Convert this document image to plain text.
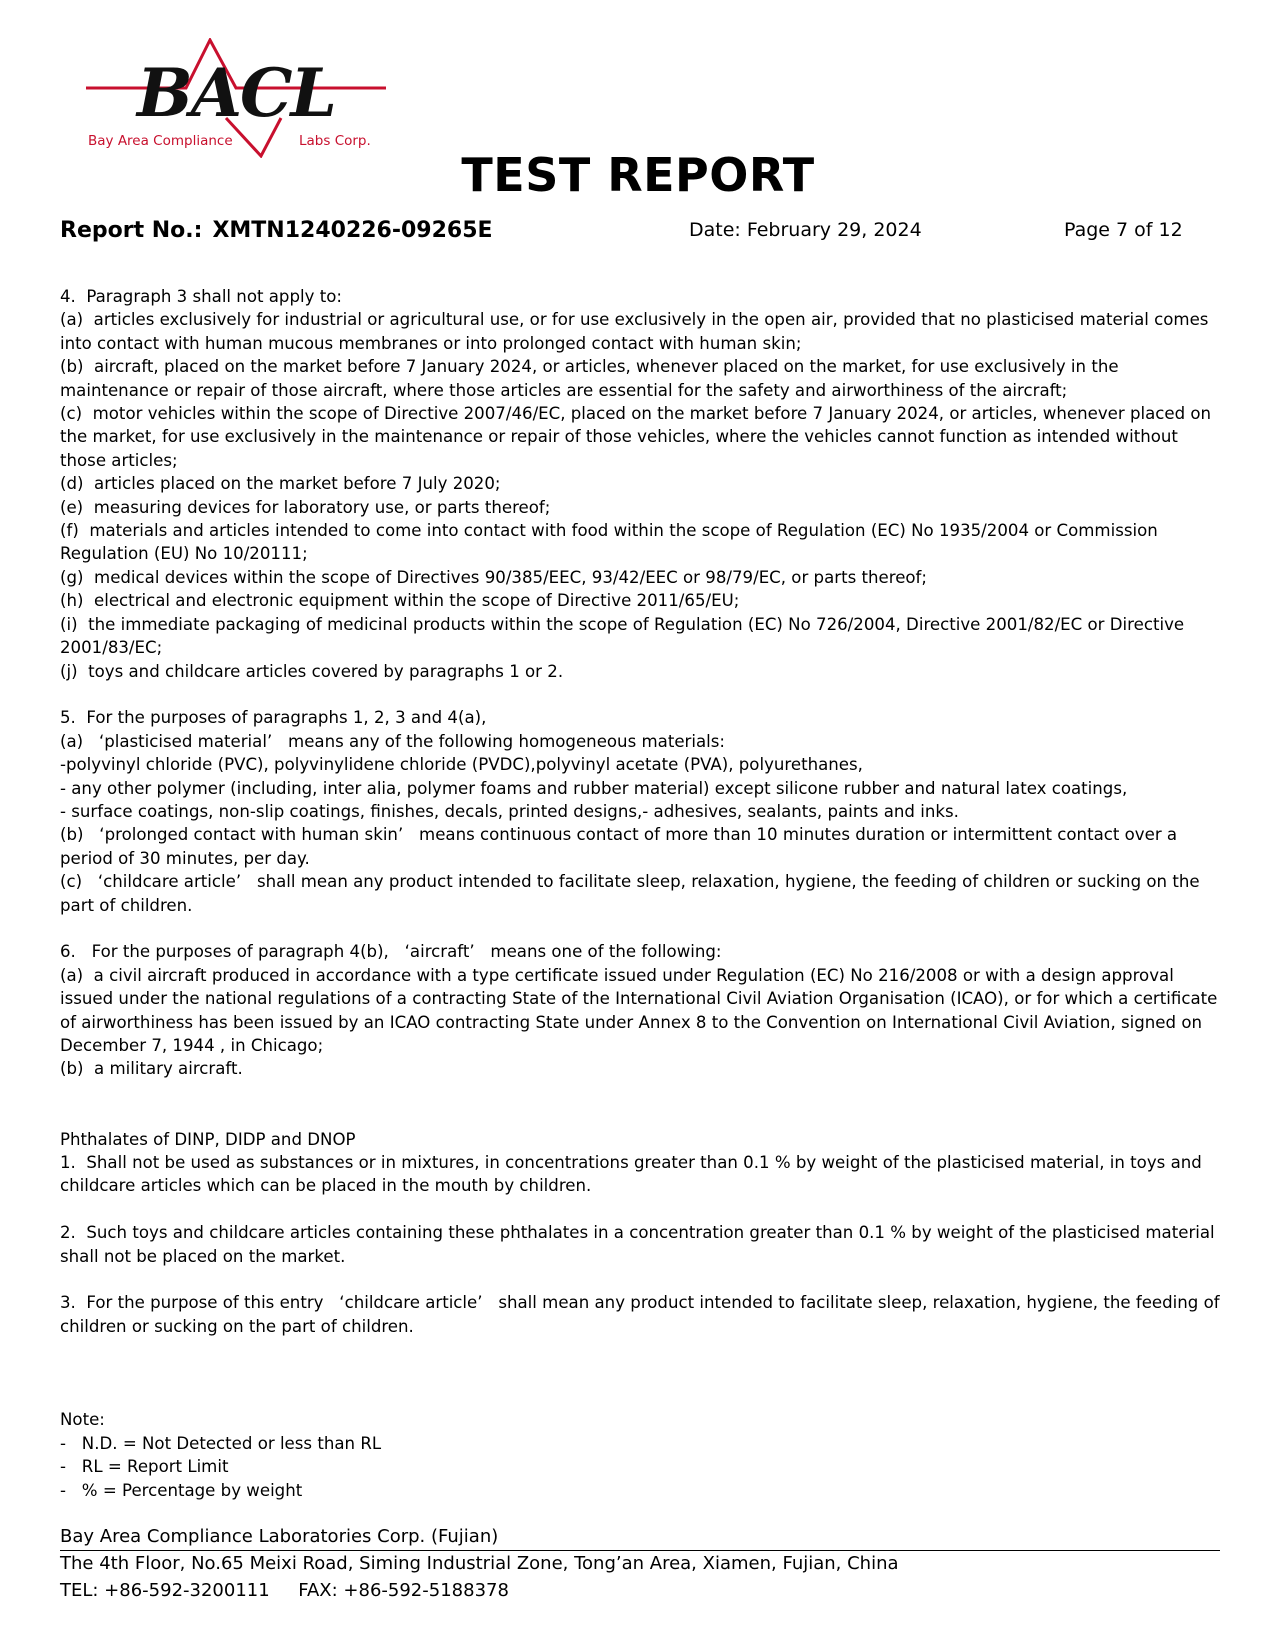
BACL
Bay Area Compliance	Labs Corp.
TEST REPORT
Report No.: XMTN1240226-09265E	Date: February 29, 2024	Page 7 of 12

4.  Paragraph 3 shall not apply to:

(a)  articles exclusively for industrial or agricultural use, or for use exclusively in the open air, provided that no plasticised material comes into contact with human mucous membranes or into prolonged contact with human skin;

(b)  aircraft, placed on the market before 7 January 2024, or articles, whenever placed on the market, for use exclusively in the maintenance or repair of those aircraft, where those articles are essential for the safety and airworthiness of the aircraft;

(c)  motor vehicles within the scope of Directive 2007/46/EC, placed on the market before 7 January 2024, or articles, whenever placed on the market, for use exclusively in the maintenance or repair of those vehicles, where the vehicles cannot function as intended without those articles;

(d)  articles placed on the market before 7 July 2020;

(e)  measuring devices for laboratory use, or parts thereof;

(f)  materials and articles intended to come into contact with food within the scope of Regulation (EC) No 1935/2004 or Commission Regulation (EU) No 10/20111;

(g)  medical devices within the scope of Directives 90/385/EEC, 93/42/EEC or 98/79/EC, or parts thereof;

(h)  electrical and electronic equipment within the scope of Directive 2011/65/EU;

(i)  the immediate packaging of medicinal products within the scope of Regulation (EC) No 726/2004, Directive 2001/82/EC or Directive 2001/83/EC;

(j)  toys and childcare articles covered by paragraphs 1 or 2.

5.  For the purposes of paragraphs 1, 2, 3 and 4(a),

(a)   ‘plasticised material’   means any of the following homogeneous materials:

-polyvinyl chloride (PVC), polyvinylidene chloride (PVDC),polyvinyl acetate (PVA), polyurethanes,

- any other polymer (including, inter alia, polymer foams and rubber material) except silicone rubber and natural latex coatings,

- surface coatings, non-slip coatings, finishes, decals, printed designs,- adhesives, sealants, paints and inks.

(b)   ‘prolonged contact with human skin’   means continuous contact of more than 10 minutes duration or intermittent contact over a period of 30 minutes, per day.

(c)   ‘childcare article’   shall mean any product intended to facilitate sleep, relaxation, hygiene, the feeding of children or sucking on the part of children.

6.   For the purposes of paragraph 4(b),   ‘aircraft’   means one of the following:

(a)  a civil aircraft produced in accordance with a type certificate issued under Regulation (EC) No 216/2008 or with a design approval issued under the national regulations of a contracting State of the International Civil Aviation Organisation (ICAO), or for which a certificate of airworthiness has been issued by an ICAO contracting State under Annex 8 to the Convention on International Civil Aviation, signed on December 7, 1944 , in Chicago;

(b)  a military aircraft.

Phthalates of DINP, DIDP and DNOP

1.  Shall not be used as substances or in mixtures, in concentrations greater than 0.1 % by weight of the plasticised material, in toys and childcare articles which can be placed in the mouth by children.

2.  Such toys and childcare articles containing these phthalates in a concentration greater than 0.1 % by weight of the plasticised material shall not be placed on the market.

3.  For the purpose of this entry   ‘childcare article’   shall mean any product intended to facilitate sleep, relaxation, hygiene, the feeding of children or sucking on the part of children.

Note:

-   N.D. = Not Detected or less than RL

-   RL = Report Limit

-   % = Percentage by weight

Bay Area Compliance Laboratories Corp. (Fujian)
The 4th Floor, No.65 Meixi Road, Siming Industrial Zone, Tong’an Area, Xiamen, Fujian, China
TEL: +86-592-3200111     FAX: +86-592-5188378
